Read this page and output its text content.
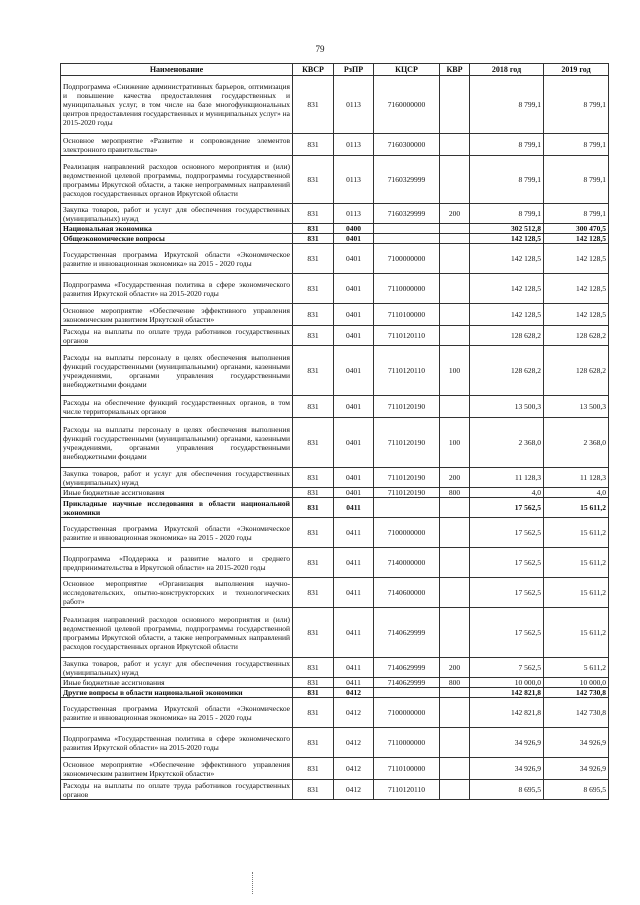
79
Наименование	КВСР	РзПР	КЦСР	КВР	2018 год	2019 год
Подпрограмма «Снижение административных барьеров, оптимизация и повышение качества предоставления государственных и муниципальных услуг, в том числе на базе многофункциональных центров предоставления государственных и муниципальных услуг» на 2015-2020 годы	831	0113	7160000000		8 799,1	8 799,1
Основное мероприятие «Развитие и сопровождение элементов электронного правительства»	831	0113	7160300000		8 799,1	8 799,1
Реализация направлений расходов основного мероприятия и (или) ведомственной целевой программы, подпрограммы государственной программы Иркутской области, а также непрограммных направлений расходов государственных органов Иркутской области	831	0113	7160329999		8 799,1	8 799,1
Закупка товаров, работ и услуг для обеспечения государственных (муниципальных) нужд	831	0113	7160329999	200	8 799,1	8 799,1
Национальная экономика	831	0400			302 512,8	300 470,5
Общеэкономические вопросы	831	0401			142 128,5	142 128,5
Государственная программа Иркутской области «Экономическое развитие и инновационная экономика» на 2015 - 2020 годы	831	0401	7100000000		142 128,5	142 128,5
Подпрограмма «Государственная политика в сфере экономического развития Иркутской области» на 2015-2020 годы	831	0401	7110000000		142 128,5	142 128,5
Основное мероприятие «Обеспечение эффективного управления экономическим развитием Иркутской области»	831	0401	7110100000		142 128,5	142 128,5
Расходы на выплаты по оплате труда работников государственных органов	831	0401	7110120110		128 628,2	128 628,2
Расходы на выплаты персоналу в целях обеспечения выполнения функций государственными (муниципальными) органами, казенными учреждениями, органами управления государственными внебюджетными фондами	831	0401	7110120110	100	128 628,2	128 628,2
Расходы на обеспечение функций государственных органов, в том числе территориальных органов	831	0401	7110120190		13 500,3	13 500,3
Расходы на выплаты персоналу в целях обеспечения выполнения функций государственными (муниципальными) органами, казенными учреждениями, органами управления государственными внебюджетными фондами	831	0401	7110120190	100	2 368,0	2 368,0
Закупка товаров, работ и услуг для обеспечения государственных (муниципальных) нужд	831	0401	7110120190	200	11 128,3	11 128,3
Иные бюджетные ассигнования	831	0401	7110120190	800	4,0	4,0
Прикладные научные исследования в области национальной экономики	831	0411			17 562,5	15 611,2
Государственная программа Иркутской области «Экономическое развитие и инновационная экономика» на 2015 - 2020 годы	831	0411	7100000000		17 562,5	15 611,2
Подпрограмма «Поддержка и развитие малого и среднего предпринимательства в Иркутской области» на 2015-2020 годы	831	0411	7140000000		17 562,5	15 611,2
Основное мероприятие «Организация выполнения научно-исследовательских, опытно-конструкторских и технологических работ»	831	0411	7140600000		17 562,5	15 611,2
Реализация направлений расходов основного мероприятия и (или) ведомственной целевой программы, подпрограммы государственной программы Иркутской области, а также непрограммных направлений расходов государственных органов Иркутской области	831	0411	7140629999		17 562,5	15 611,2
Закупка товаров, работ и услуг для обеспечения государственных (муниципальных) нужд	831	0411	7140629999	200	7 562,5	5 611,2
Иные бюджетные ассигнования	831	0411	7140629999	800	10 000,0	10 000,0
Другие вопросы в области национальной экономики	831	0412			142 821,8	142 730,8
Государственная программа Иркутской области «Экономическое развитие и инновационная экономика» на 2015 - 2020 годы	831	0412	7100000000		142 821,8	142 730,8
Подпрограмма «Государственная политика в сфере экономического развития Иркутской области» на 2015-2020 годы	831	0412	7110000000		34 926,9	34 926,9
Основное мероприятие «Обеспечение эффективного управления экономическим развитием Иркутской области»	831	0412	7110100000		34 926,9	34 926,9
Расходы на выплаты по оплате труда работников государственных органов	831	0412	7110120110		8 695,5	8 695,5
